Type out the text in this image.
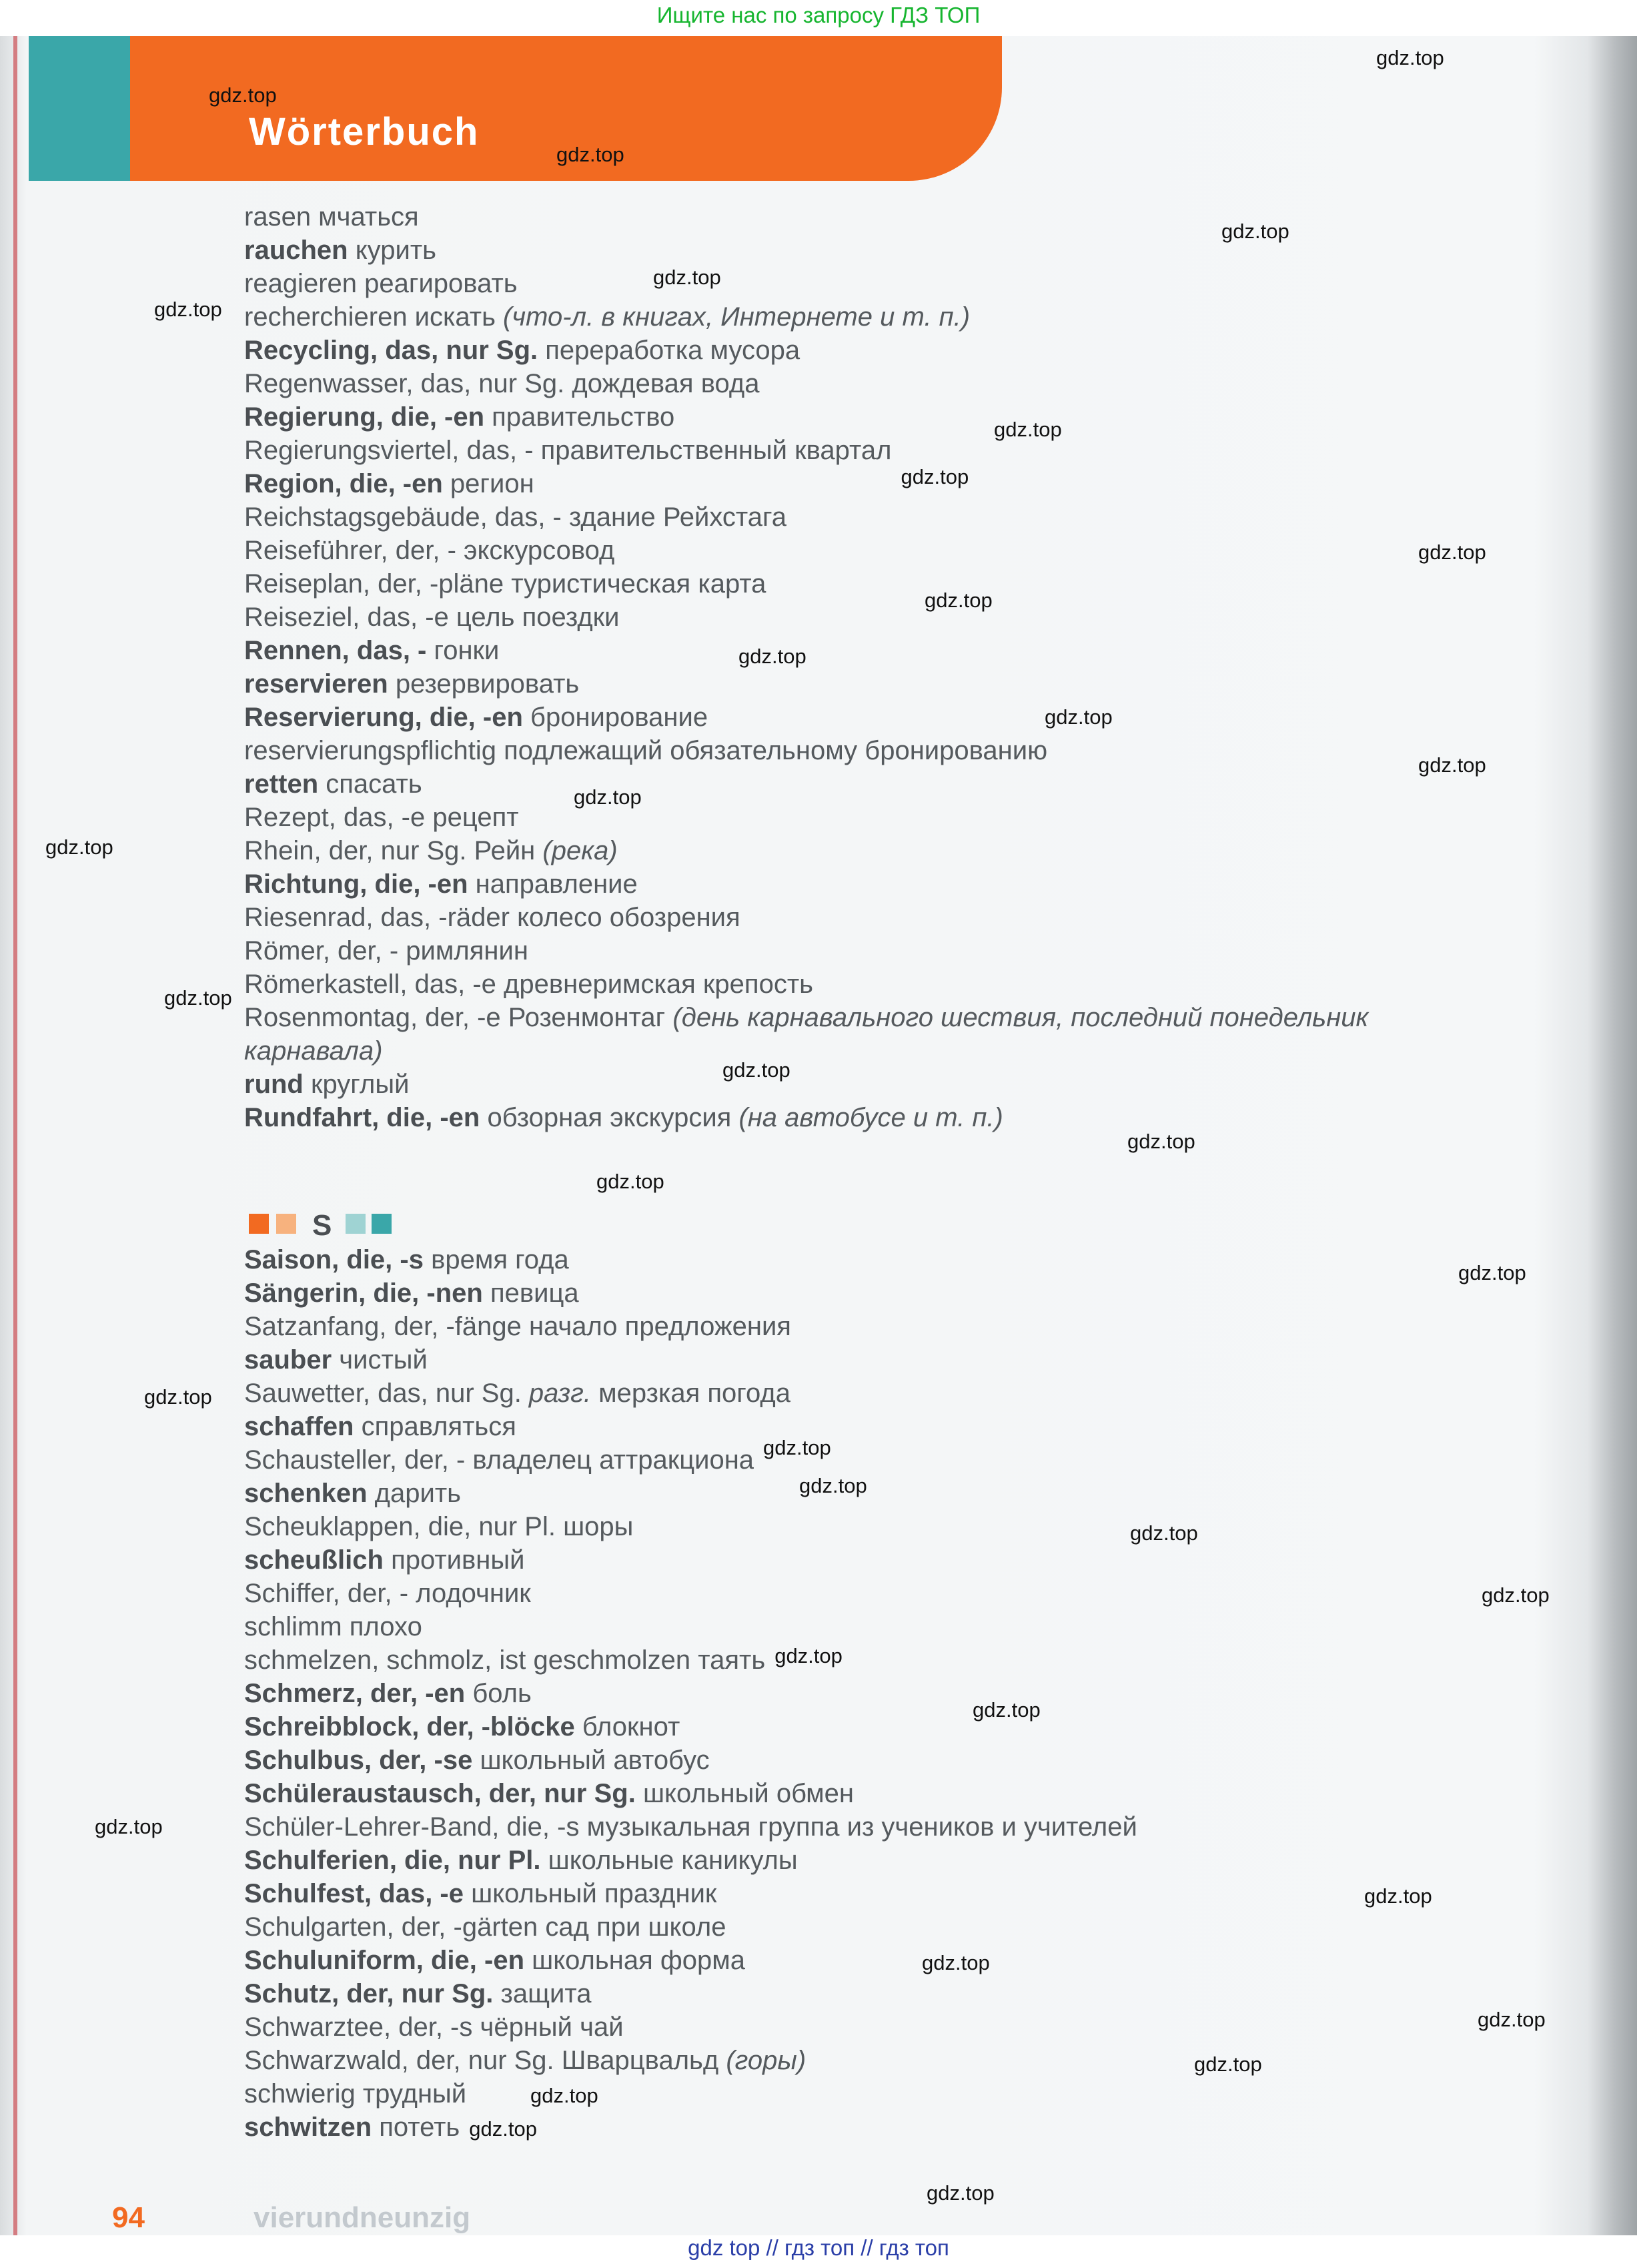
Ищите нас по запросу ГДЗ ТОП
Wörterbuch
rasen мчаться
rauchen курить
reagieren реагировать
recherchieren искать (что-л. в книгах, Интернете и т. п.)
Recycling, das, nur Sg. переработка мусора
Regenwasser, das, nur Sg. дождевая вода
Regierung, die, -en правительство
Regierungsviertel, das, - правительственный квартал
Region, die, -en регион
Reichstagsgebäude, das, - здание Рейхстага
Reiseführer, der, - экскурсовод
Reiseplan, der, -pläne туристическая карта
Reiseziel, das, -e цель поездки
Rennen, das, - гонки
reservieren резервировать
Reservierung, die, -en бронирование
reservierungspflichtig подлежащий обязательному бронированию
retten спасать
Rezept, das, -e рецепт
Rhein, der, nur Sg. Рейн (река)
Richtung, die, -en направление
Riesenrad, das, -räder колесо обозрения
Römer, der, - римлянин
Römerkastell, das, -e древнеримская крепость
Rosenmontag, der, -e Розенмонтаг (день карнавального шествия, последний понедельник карнавала)
rund круглый
Rundfahrt, die, -en обзорная экскурсия (на автобусе и т. п.)
S
Saison, die, -s время года
Sängerin, die, -nen певица
Satzanfang, der, -fänge начало предложения
sauber чистый
Sauwetter, das, nur Sg. разг. мерзкая погода
schaffen справляться
Schausteller, der, - владелец аттракциона
schenken дарить
Scheuklappen, die, nur Pl. шоры
scheußlich противный
Schiffer, der, - лодочник
schlimm плохо
schmelzen, schmolz, ist geschmolzen таять
Schmerz, der, -en боль
Schreibblock, der, -blöcke блокнот
Schulbus, der, -se школьный автобус
Schüleraustausch, der, nur Sg. школьный обмен
Schüler-Lehrer-Band, die, -s музыкальная группа из учеников и учителей
Schulferien, die, nur Pl. школьные каникулы
Schulfest, das, -e школьный праздник
Schulgarten, der, -gärten сад при школе
Schuluniform, die, -en школьная форма
Schutz, der, nur Sg. защита
Schwarztee, der, -s чёрный чай
Schwarzwald, der, nur Sg. Шварцвальд (горы)
schwierig трудный
schwitzen потеть
94	vierundneunzig
gdz.top
gdz.top
gdz.top
gdz.top
gdz.top
gdz.top
gdz.top
gdz.top
gdz.top
gdz.top
gdz.top
gdz.top
gdz.top
gdz.top
gdz.top
gdz.top
gdz.top
gdz.top
gdz.top
gdz.top
gdz.top
gdz.top
gdz.top
gdz.top
gdz.top
gdz.top
gdz.top
gdz.top
gdz.top
gdz.top
gdz.top
gdz.top
gdz.top
gdz.top
gdz.top
gdz top // гдз топ // гдз топ
